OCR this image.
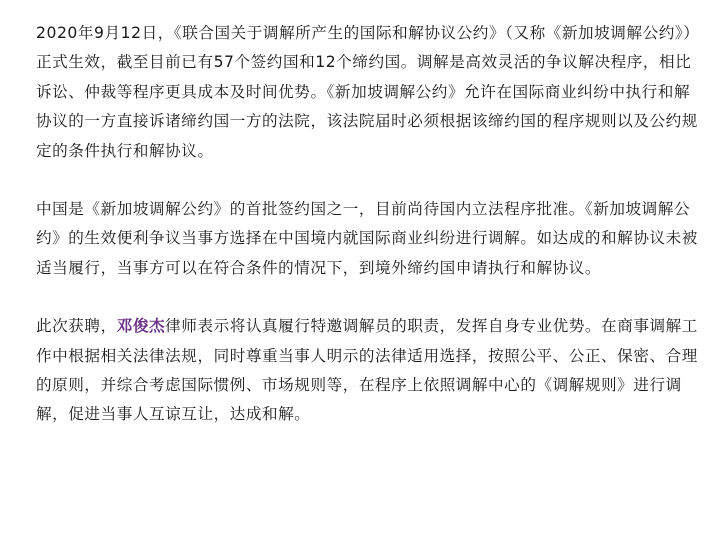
2020年9月12日，《联合国关于调解所产生的国际和解协议公约》（又称《新加坡调解公约》）正式生效，截至目前已有57个签约国和12个缔约国。调解是高效灵活的争议解决程序，相比诉讼、仲裁等程序更具成本及时间优势。《新加坡调解公约》允许在国际商业纠纷中执行和解协议的一方直接诉诸缔约国一方的法院，该法院届时必须根据该缔约国的程序规则以及公约规定的条件执行和解协议。

中国是《新加坡调解公约》的首批签约国之一，目前尚待国内立法程序批准。《新加坡调解公约》的生效便利争议当事方选择在中国境内就国际商业纠纷进行调解。如达成的和解协议未被适当履行，当事方可以在符合条件的情况下，到境外缔约国申请执行和解协议。

此次获聘，邓俊杰律师表示将认真履行特邀调解员的职责，发挥自身专业优势。在商事调解工作中根据相关法律法规，同时尊重当事人明示的法律适用选择，按照公平、公正、保密、合理的原则，并综合考虑国际惯例、市场规则等，在程序上依照调解中心的《调解规则》进行调解，促进当事人互谅互让，达成和解。
